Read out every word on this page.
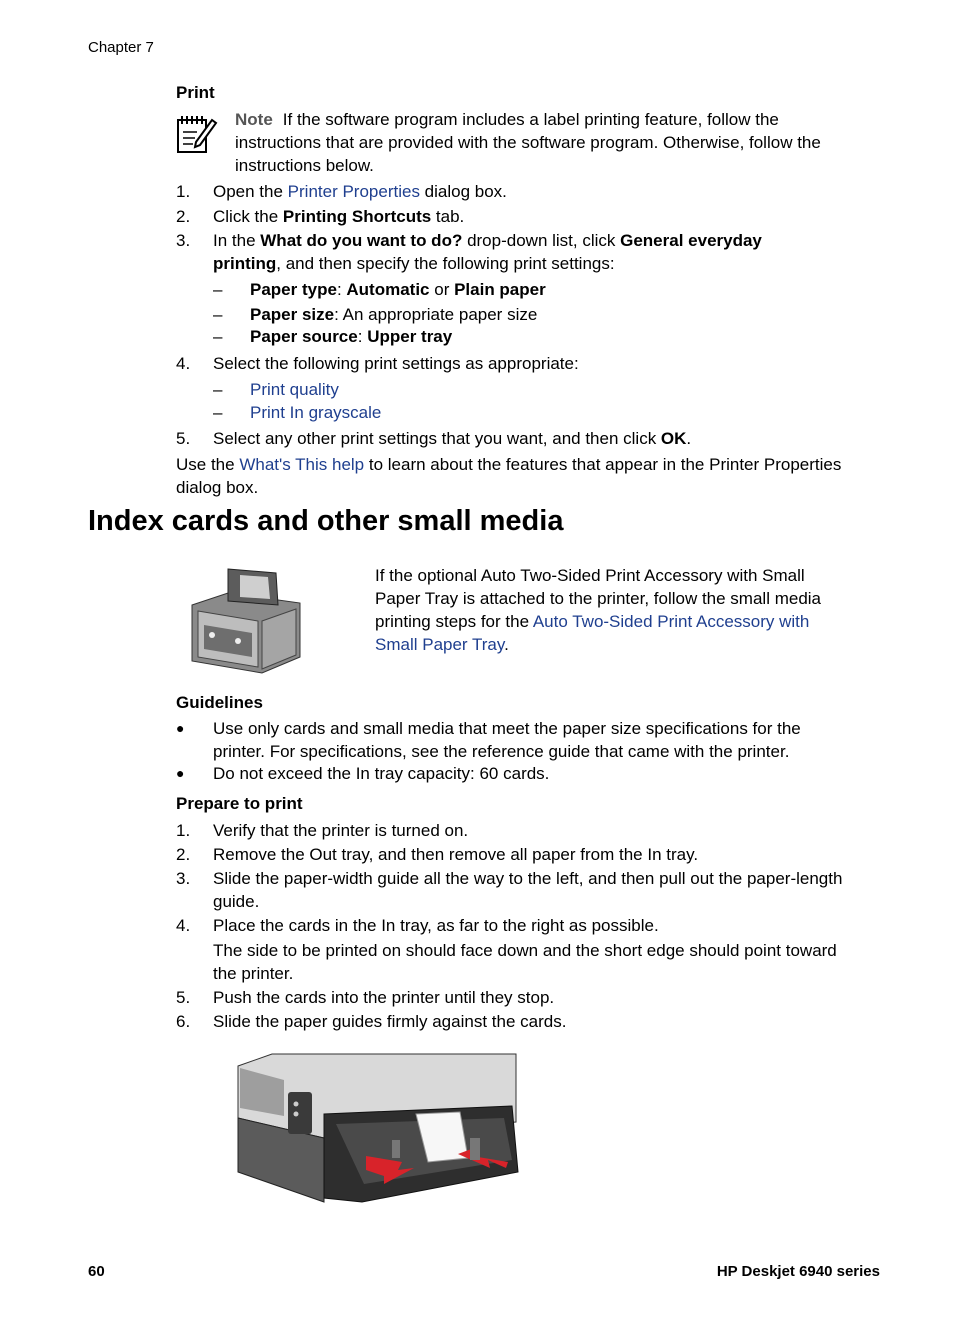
Chapter 7
Print
Note If the software program includes a label printing feature, follow the
instructions that are provided with the software program. Otherwise, follow the
instructions below.
1.	Open the Printer Properties dialog box.
2.	Click the Printing Shortcuts tab.
3.	In the What do you want to do? drop-down list, click General everyday
printing, and then specify the following print settings:
–	Paper type: Automatic or Plain paper
–	Paper size: An appropriate paper size
–	Paper source: Upper tray
4.	Select the following print settings as appropriate:
–	Print quality
–	Print In grayscale
5.	Select any other print settings that you want, and then click OK.
Use the What's This help to learn about the features that appear in the Printer Properties
dialog box.
Index cards and other small media
If the optional Auto Two-Sided Print Accessory with Small
Paper Tray is attached to the printer, follow the small media
printing steps for the Auto Two-Sided Print Accessory with
Small Paper Tray.
Guidelines
● Use only cards and small media that meet the paper size specifications for the
printer. For specifications, see the reference guide that came with the printer.
● Do not exceed the In tray capacity: 60 cards.
Prepare to print
1.	Verify that the printer is turned on.
2.	Remove the Out tray, and then remove all paper from the In tray.
3.	Slide the paper-width guide all the way to the left, and then pull out the paper-length
guide.
4.	Place the cards in the In tray, as far to the right as possible.
The side to be printed on should face down and the short edge should point toward
the printer.
5.	Push the cards into the printer until they stop.
6.	Slide the paper guides firmly against the cards.
60	HP Deskjet 6940 series
